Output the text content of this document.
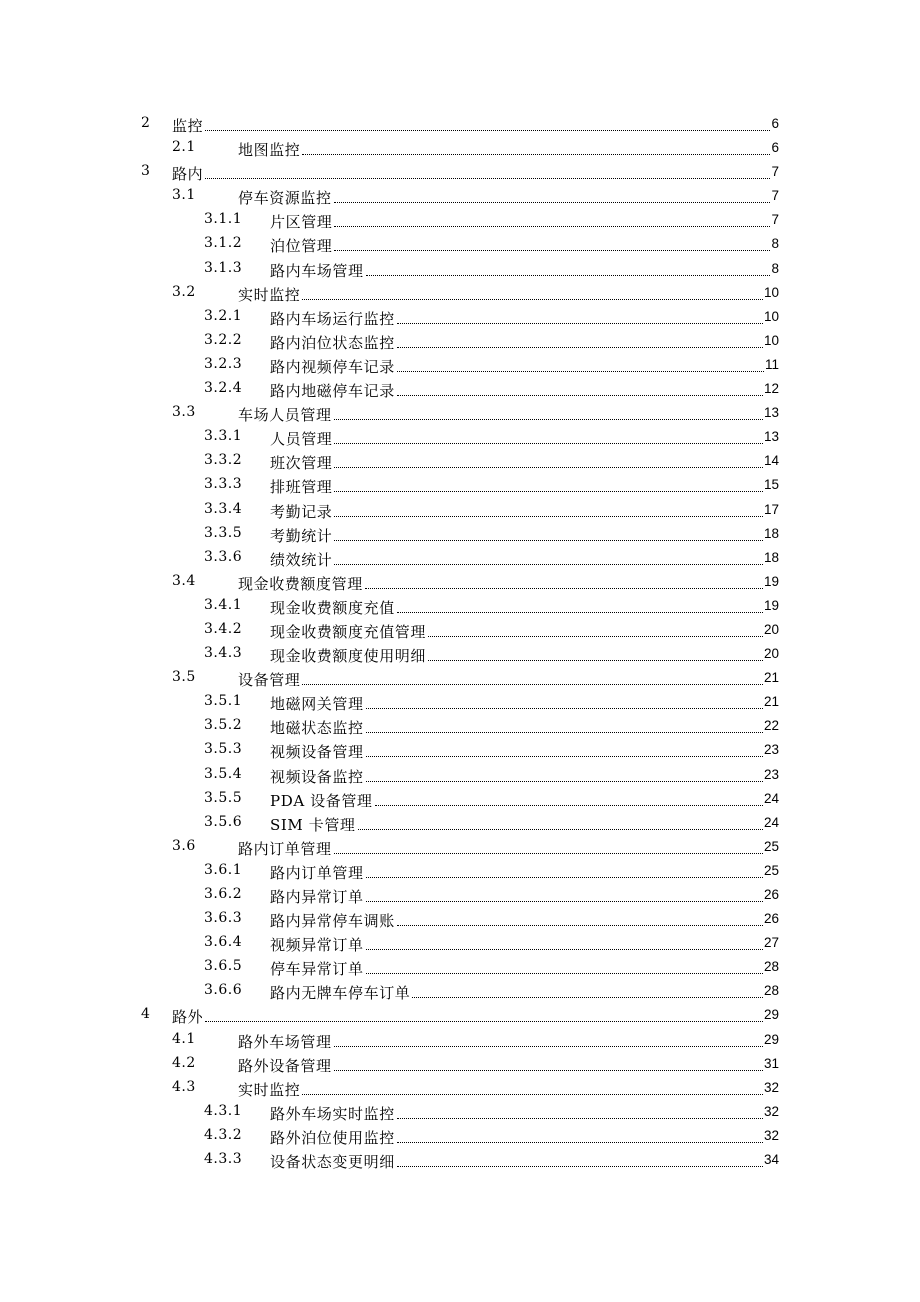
2 监控	6
2.1	地图监控	6
3 路内	7
3.1	停车资源监控	7
3.1.1 片区管理	7
3.1.2 泊位管理	8
3.1.3 路内车场管理	8
3.2	实时监控	10
3.2.1 路内车场运行监控	10
3.2.2 路内泊位状态监控	10
3.2.3 路内视频停车记录	11
3.2.4 路内地磁停车记录	12
3.3	车场人员管理	13
3.3.1 人员管理	13
3.3.2 班次管理	14
3.3.3 排班管理	15
3.3.4 考勤记录	17
3.3.5 考勤统计	18
3.3.6 绩效统计	18
3.4	现金收费额度管理	19
3.4.1 现金收费额度充值	19
3.4.2 现金收费额度充值管理	20
3.4.3 现金收费额度使用明细	20
3.5	设备管理	21
3.5.1 地磁网关管理	21
3.5.2 地磁状态监控	22
3.5.3 视频设备管理	23
3.5.4 视频设备监控	23
3.5.5 PDA 设备管理	24
3.5.6 SIM 卡管理	24
3.6	路内订单管理	25
3.6.1 路内订单管理	25
3.6.2 路内异常订单	26
3.6.3 路内异常停车调账	26
3.6.4 视频异常订单	27
3.6.5 停车异常订单	28
3.6.6 路内无牌车停车订单	28
4 路外	29
4.1	路外车场管理	29
4.2	路外设备管理	31
4.3	实时监控	32
4.3.1 路外车场实时监控	32
4.3.2 路外泊位使用监控	32
4.3.3 设备状态变更明细	34
